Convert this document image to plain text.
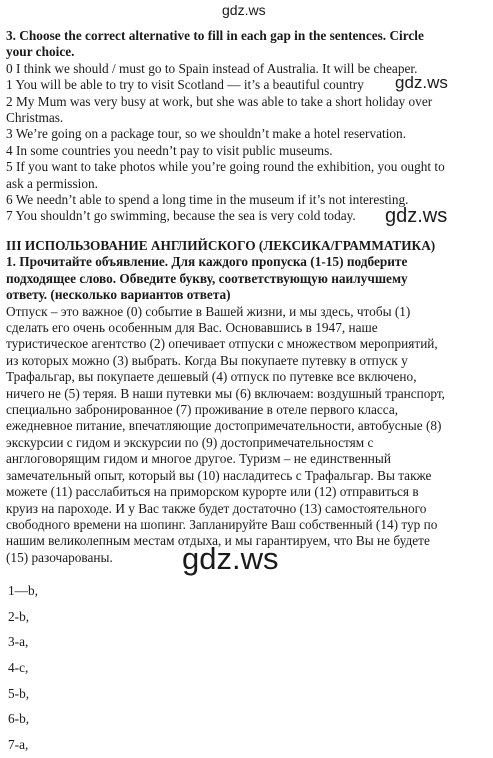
gdz.ws
gdz.ws
gdz.ws
gdz.ws
3. Choose the correct alternative to fill in each gap in the sentences. Circle
your choice.
0 I think we should / must go to Spain instead of Australia. It will be cheaper.
1 You will be able to try to visit Scotland — it’s a beautiful country
2 My Mum was very busy at work, but she was able to take a short holiday over
Christmas.
3 We’re going on a package tour, so we shouldn’t make a hotel reservation.
4 In some countries you needn’t pay to visit public museums.
5 If you want to take photos while you’re going round the exhibition, you ought to
ask a permission.
6 We needn’t able to spend a long time in the museum if it’s not interesting.
7 You shouldn’t go swimming, because the sea is very cold today.
III ИСПОЛЬЗОВАНИЕ АНГЛИЙСКОГО (ЛЕКСИКА/ГРАММАТИКА)
1. Прочитайте объявление. Для каждого пропуска (1-15) подберите
подходящее слово. Обведите букву, соответствующую наилучшему
ответу. (несколько вариантов ответа)
Отпуск – это важное (0) событие в Вашей жизни, и мы здесь, чтобы (1)
сделать его очень особенным для Вас. Основавшись в 1947, наше
туристическое агентство (2) опечивает отпуски с множеством мероприятий,
из которых можно (3) выбрать. Когда Вы покупаете путевку в отпуск у
Трафальгар, вы покупаете дешевый (4) отпуск по путевке все включено,
ничего не (5) теряя. В наши путевки мы (6) включаем: воздушный транспорт,
специально забронированное (7) проживание в отеле первого класса,
ежедневное питание, впечатляющие достопримечательности, автобусные (8)
экскурсии с гидом и экскурсии по (9) достопримечательностям с
англоговорящим гидом и многое другое. Туризм – не единственный
замечательный опыт, который вы (10) насладитесь с Трафальгар. Вы также
можете (11) расслабиться на приморском курорте или (12) отправиться в
круиз на пароходе. И у Вас также будет достаточно (13) самостоятельного
свободного времени на шопинг. Запланируйте Ваш собственный (14) тур по
нашим великолепным местам отдыха, и мы гарантируем, что Вы не будете
(15) разочарованы.
1—b,
2-b,
3-a,
4-c,
5-b,
6-b,
7-a,
